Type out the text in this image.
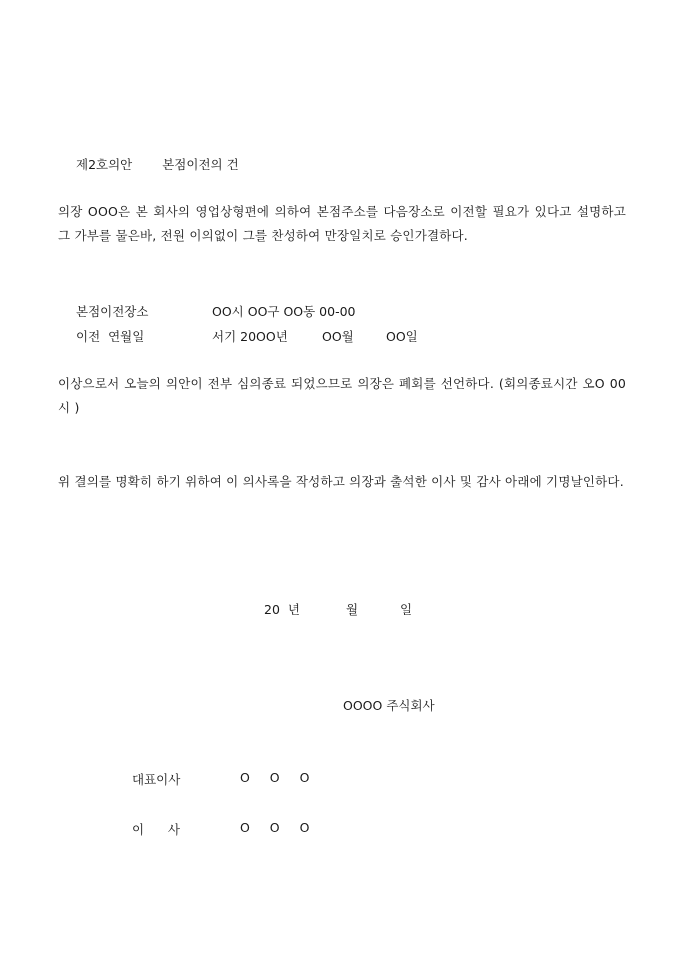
제2호의안 본점이전의 건
의장 OOO은 본 회사의 영업상형편에 의하여 본점주소를 다음장소로 이전할 필요가 있다고 설명하고 그 가부를 물은바, 전원 이의없이 그를 찬성하여 만장일치로 승인가결하다.
본점이전장소	OO시 OO구 OO동 00-00
이전  연월일	서기 20OO년	OO월	OO일
이상으로서 오늘의 의안이 전부 심의종료 되었으므로 의장은 폐회를 선언하다. (회의종료시간 오O 00시 )
위 결의를 명확히 하기 위하여 이 의사록을 작성하고 의장과 출석한 이사 및 감사 아래에 기명날인하다.
20  년	월	일
OOOO 주식회사
대표이사	O  O  O
이      사	O  O  O
